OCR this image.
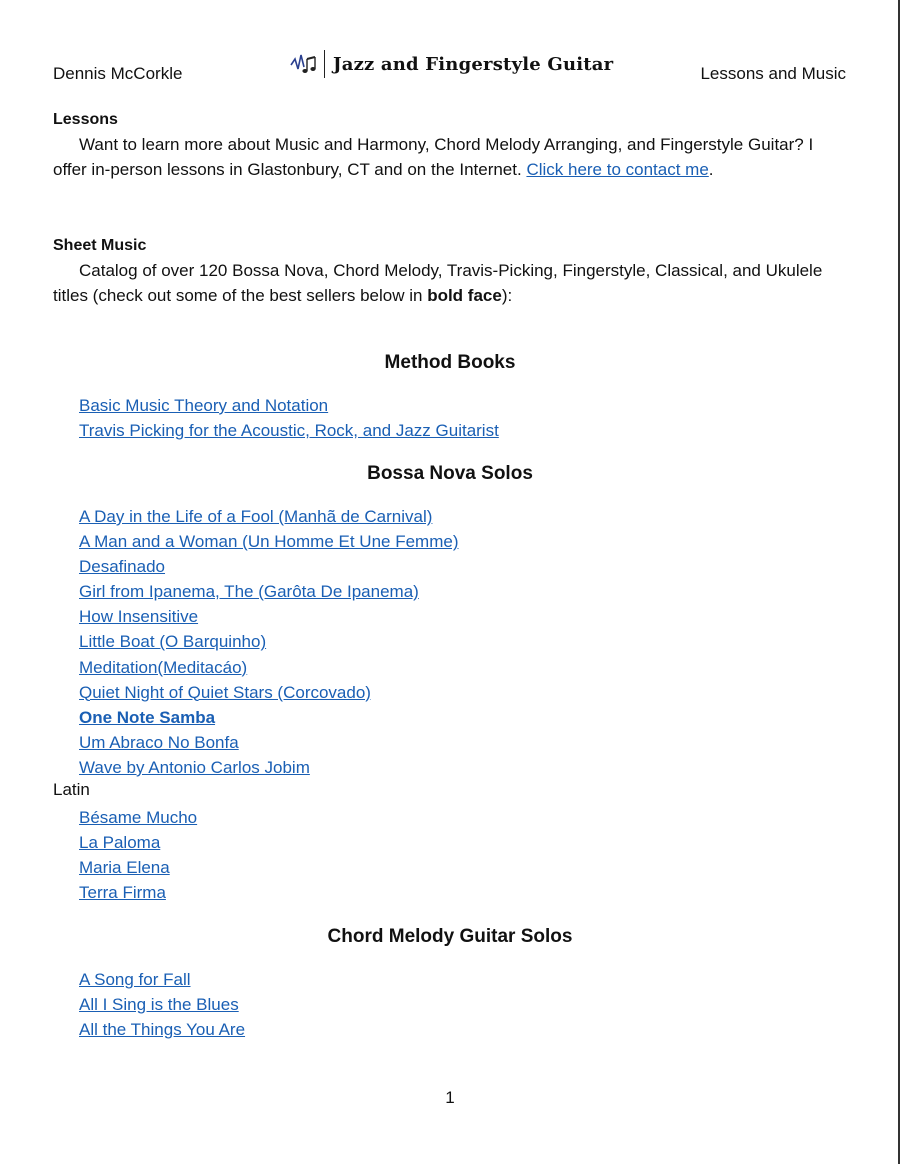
Dennis McCorkle	Jazz and Fingerstyle Guitar	Lessons and Music
Lessons
Want to learn more about Music and Harmony, Chord Melody Arranging, and Fingerstyle Guitar? I offer in-person lessons in Glastonbury, CT and on the Internet. Click here to contact me.
Sheet Music
Catalog of over 120 Bossa Nova, Chord Melody, Travis-Picking, Fingerstyle, Classical, and Ukulele titles (check out some of the best sellers below in bold face):
Method Books
Basic Music Theory and Notation
Travis Picking for the Acoustic, Rock, and Jazz Guitarist
Bossa Nova Solos
A Day in the Life of a Fool (Manhã de Carnival)
A Man and a Woman (Un Homme Et Une Femme)
Desafinado
Girl from Ipanema, The (Garôta De Ipanema)
How Insensitive
Little Boat (O Barquinho)
Meditation(Meditacáo)
Quiet Night of Quiet Stars (Corcovado)
One Note Samba
Um Abraco No Bonfa
Wave by Antonio Carlos Jobim
Latin
Bésame Mucho
La Paloma
Maria Elena
Terra Firma
Chord Melody Guitar Solos
A Song for Fall
All I Sing is the Blues
All the Things You Are
1
